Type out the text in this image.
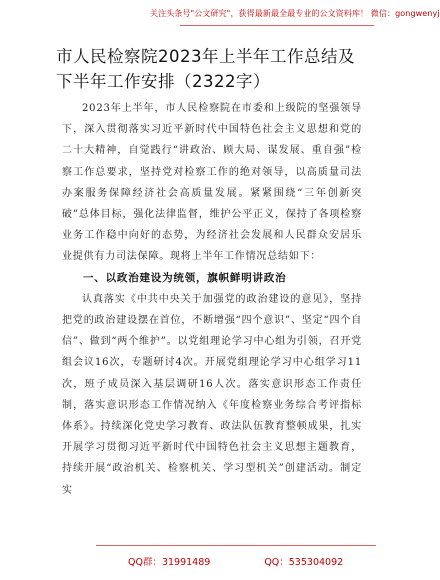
关注头条号"公文研究"，获得最新最全最专业的公文资料库！ 微信：gongwenyj
市人民检察院2023年上半年工作总结及下半年工作安排（2322字）

2023年上半年，市人民检察院在市委和上级院的坚强领导下，深入贯彻落实习近平新时代中国特色社会主义思想和党的二十大精神，自觉践行“讲政治、顾大局、谋发展、重自强”检察工作总要求，坚持党对检察工作的绝对领导，以高质量司法办案服务保障经济社会高质量发展。紧紧围绕“三年创新突破”总体目标，强化法律监督，维护公平正义，保持了各项检察业务工作稳中向好的态势，为经济社会发展和人民群众安居乐业提供有力司法保障。现将上半年工作情况总结如下：

一、以政治建设为统领，旗帜鲜明讲政治

认真落实《中共中央关于加强党的政治建设的意见》，坚持把党的政治建设摆在首位，不断增强“四个意识”、坚定“四个自信”、做到“两个维护”。以党组理论学习中心组为引领，召开党组会议16次，专题研讨4次。开展党组理论学习中心组学习11次，班子成员深入基层调研16人次。落实意识形态工作责任制，落实意识形态工作情况纳入《年度检察业务综合考评指标体系》。持续深化党史学习教育、政法队伍教育整顿成果，扎实开展学习贯彻习近平新时代中国特色社会主义思想主题教育，持续开展“政治机关、检察机关、学习型机关”创建活动。制定实

QQ群：31991489	QQ：535304092
